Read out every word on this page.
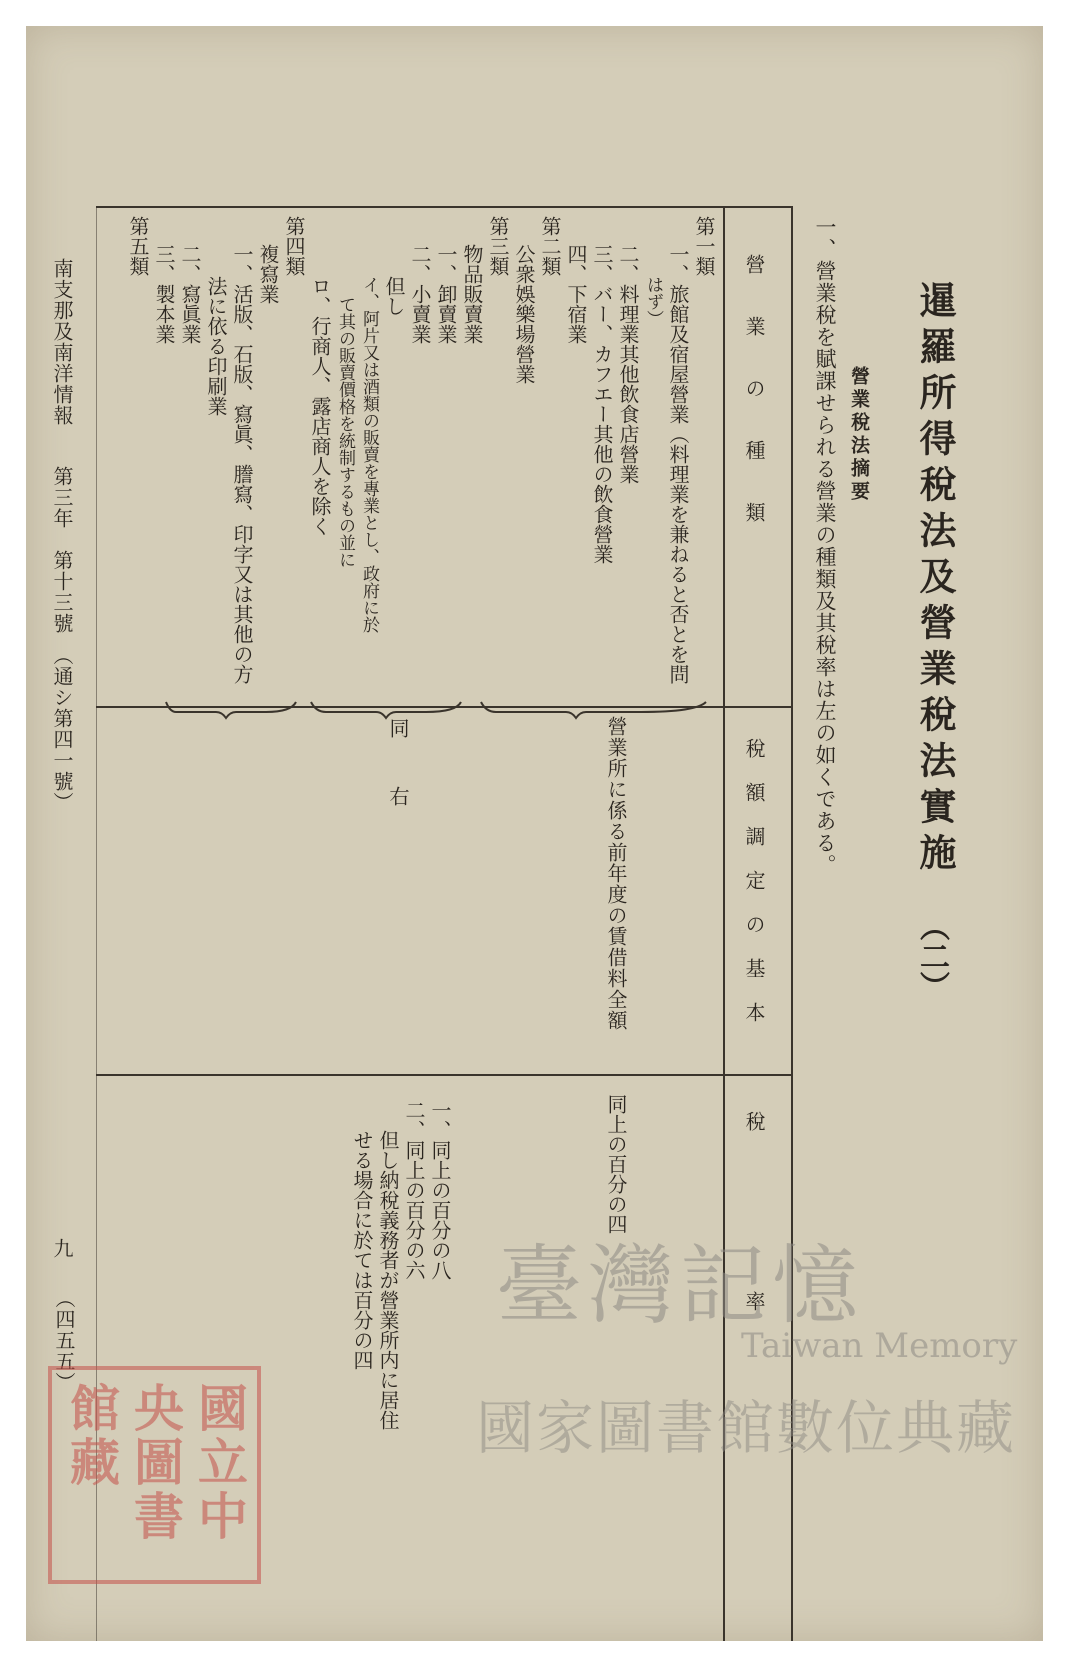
暹羅所得稅法及營業稅法實施
（二）
營業稅法摘要
一、營業稅を賦課せられる營業の種類及其稅率は左の如くである。
營業の種類
稅額調定の基本
稅率
第一類
一、旅館及宿屋營業（料理業を兼ねると否とを問
はず）
二、料理業其他飲食店營業
三、バー、カフエー其他の飲食營業
四、下宿業
第二類
公衆娛樂場營業
第三類
物品販賣業
一、卸賣業
二、小賣業
但し
イ、阿片又は酒類の販賣を專業とし、政府に於
て其の販賣價格を統制するもの並に
ロ、行商人、露店商人を除く
第四類
複寫業
一、活版、石版、寫眞、謄寫、印字又は其他の方
法に依る印刷業
二、寫眞業
三、製本業
第五類
營業所に係る前年度の賃借料全額
同　右
同上の百分の四
一、同上の百分の八
二、同上の百分の六
但し納稅義務者が營業所内に居住
せる場合に於ては百分の四
南支那及南洋情報
第三年　第十三號　（通シ第四一號）
九
（四五五）
國立中
央圖書
館藏
臺灣記憶
Taiwan Memory
國家圖書館數位典藏
